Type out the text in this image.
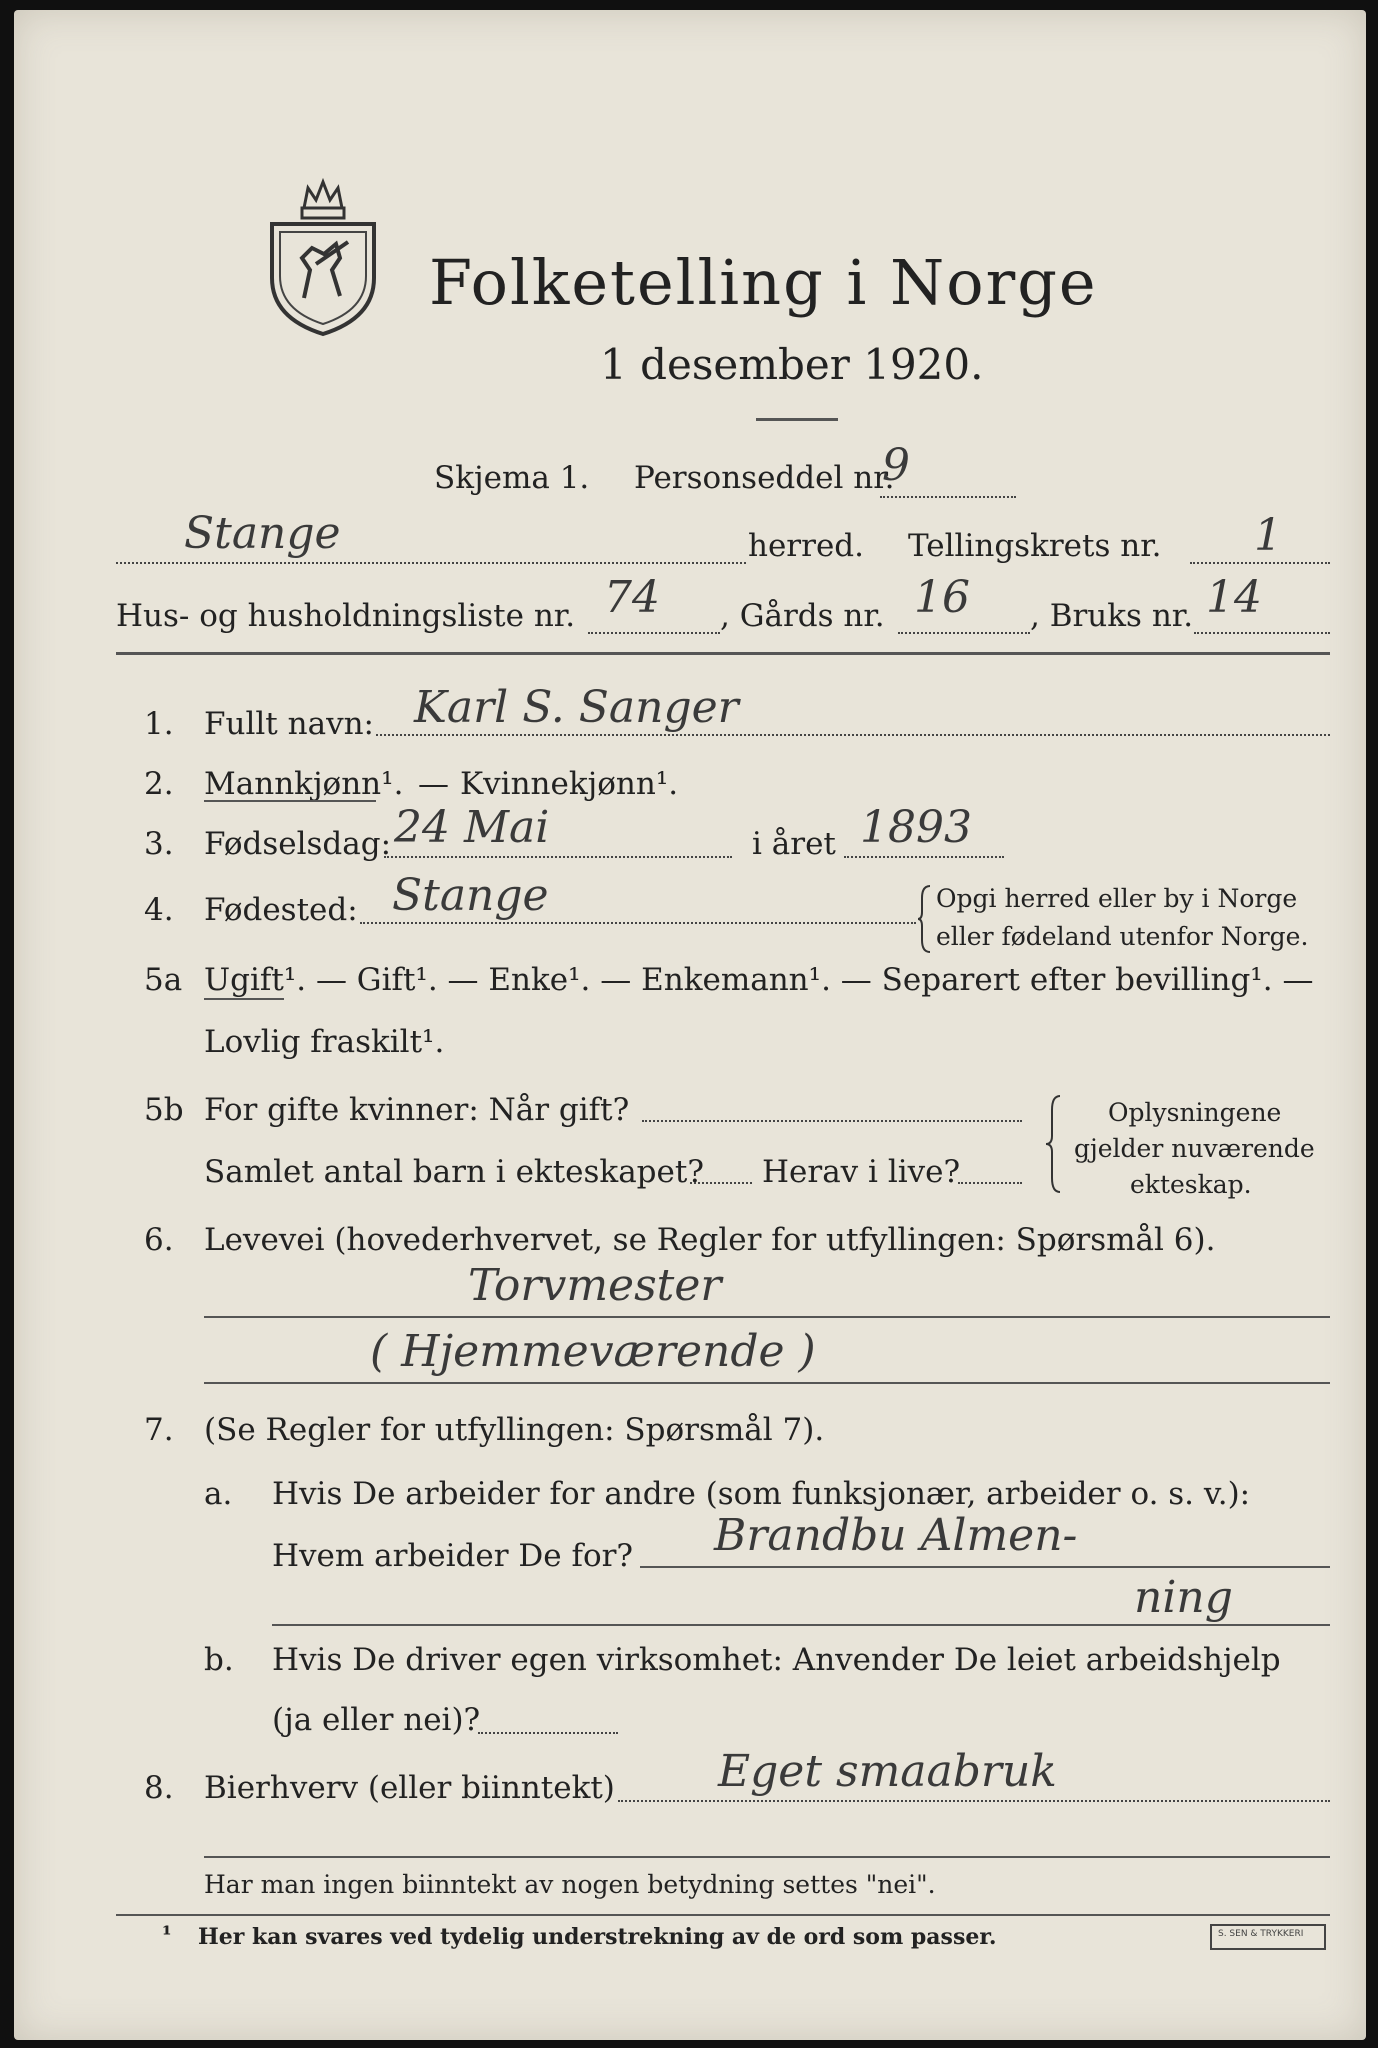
Folketelling i Norge
1 desember 1920.
Skjema 1. Personseddel nr.
9
Stange	herred. Tellingskrets nr. 1
Hus- og husholdningsliste nr. 74 , Gårds nr. 16 , Bruks nr. 14
1. Fullt navn: Karl S. Sanger
2. Mannkjønn¹. — Kvinnekjønn¹.
3. Fødselsdag: 24 Mai	i året 1893
4. Fødested: Stange	Opgi herred eller by i Norge
eller fødeland utenfor Norge.
5a Ugift¹. — Gift¹. — Enke¹. — Enkemann¹. — Separert efter bevilling¹. —
Lovlig fraskilt¹.
5b For gifte kvinner: Når gift?
Samlet antal barn i ekteskapet? Herav i live?
Oplysningene
gjelder nuværende
ekteskap.
6. Levevei (hovederhvervet, se Regler for utfyllingen: Spørsmål 6).
Torvmester
( Hjemmeværende )
7. (Se Regler for utfyllingen: Spørsmål 7).
a. Hvis De arbeider for andre (som funksjonær, arbeider o. s. v.):
Hvem arbeider De for? Brandbu Almen-
ning
b. Hvis De driver egen virksomhet: Anvender De leiet arbeidshjelp
(ja eller nei)?
8. Bierhverv (eller biinntekt) Eget smaabruk
Har man ingen biinntekt av nogen betydning settes "nei".
¹ Her kan svares ved tydelig understrekning av de ord som passer.	S. SEN & TRYKKERI
